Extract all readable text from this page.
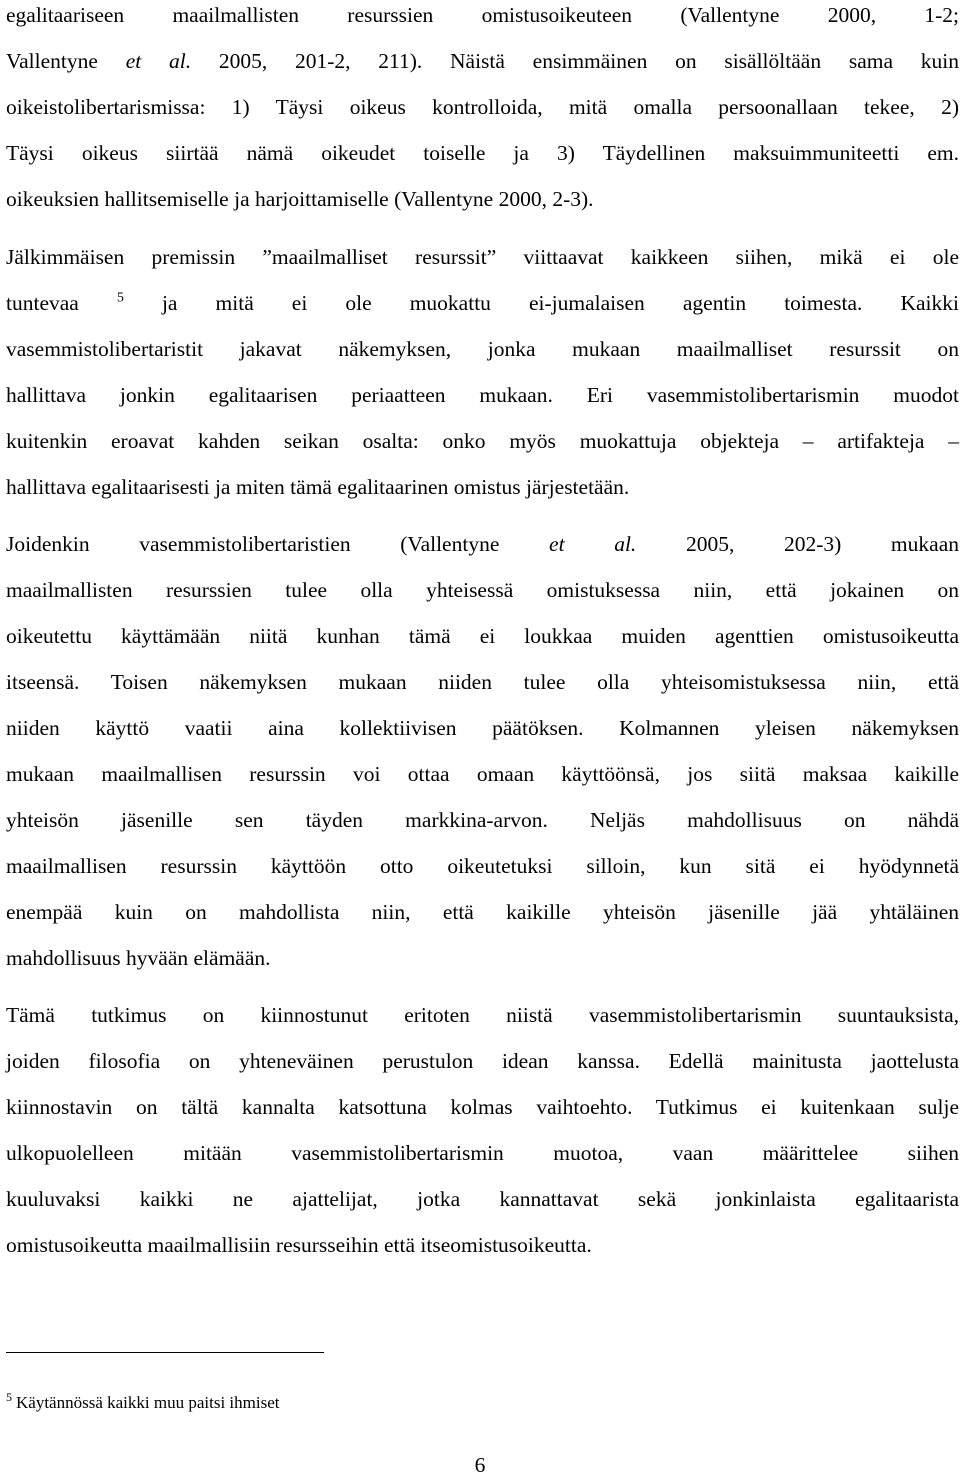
egalitaariseen maailmallisten resurssien omistusoikeuteen (Vallentyne 2000, 1-2;
Vallentyne et al. 2005, 201-2, 211). Näistä ensimmäinen on sisällöltään sama kuin
oikeistolibertarismissa: 1) Täysi oikeus kontrolloida, mitä omalla persoonallaan tekee, 2)
Täysi oikeus siirtää nämä oikeudet toiselle ja 3) Täydellinen maksuimmuniteetti em.
oikeuksien hallitsemiselle ja harjoittamiselle (Vallentyne 2000, 2-3).
Jälkimmäisen premissin ”maailmalliset resurssit” viittaavat kaikkeen siihen, mikä ei ole
tuntevaa $^5$ ja mitä ei ole muokattu ei-jumalaisen agentin toimesta. Kaikki
vasemmistolibertaristit jakavat näkemyksen, jonka mukaan maailmalliset resurssit on
hallittava jonkin egalitaarisen periaatteen mukaan. Eri vasemmistolibertarismin muodot
kuitenkin eroavat kahden seikan osalta: onko myös muokattuja objekteja – artifakteja –
hallittava egalitaarisesti ja miten tämä egalitaarinen omistus järjestetään.
Joidenkin vasemmistolibertaristien (Vallentyne et al. 2005, 202-3) mukaan
maailmallisten resurssien tulee olla yhteisessä omistuksessa niin, että jokainen on
oikeutettu käyttämään niitä kunhan tämä ei loukkaa muiden agenttien omistusoikeutta
itseensä. Toisen näkemyksen mukaan niiden tulee olla yhteisomistuksessa niin, että
niiden käyttö vaatii aina kollektiivisen päätöksen. Kolmannen yleisen näkemyksen
mukaan maailmallisen resurssin voi ottaa omaan käyttöönsä, jos siitä maksaa kaikille
yhteisön jäsenille sen täyden markkina-arvon. Neljäs mahdollisuus on nähdä
maailmallisen resurssin käyttöön otto oikeutetuksi silloin, kun sitä ei hyödynnetä
enempää kuin on mahdollista niin, että kaikille yhteisön jäsenille jää yhtäläinen
mahdollisuus hyvään elämään.
Tämä tutkimus on kiinnostunut eritoten niistä vasemmistolibertarismin suuntauksista,
joiden filosofia on yhteneväinen perustulon idean kanssa. Edellä mainitusta jaottelusta
kiinnostavin on tältä kannalta katsottuna kolmas vaihtoehto. Tutkimus ei kuitenkaan sulje
ulkopuolelleen mitään vasemmistolibertarismin muotoa, vaan määrittelee siihen
kuuluvaksi kaikki ne ajattelijat, jotka kannattavat sekä jonkinlaista egalitaarista
omistusoikeutta maailmallisiin resursseihin että itseomistusoikeutta.
$^5$ Käytännössä kaikki muu paitsi ihmiset
6
